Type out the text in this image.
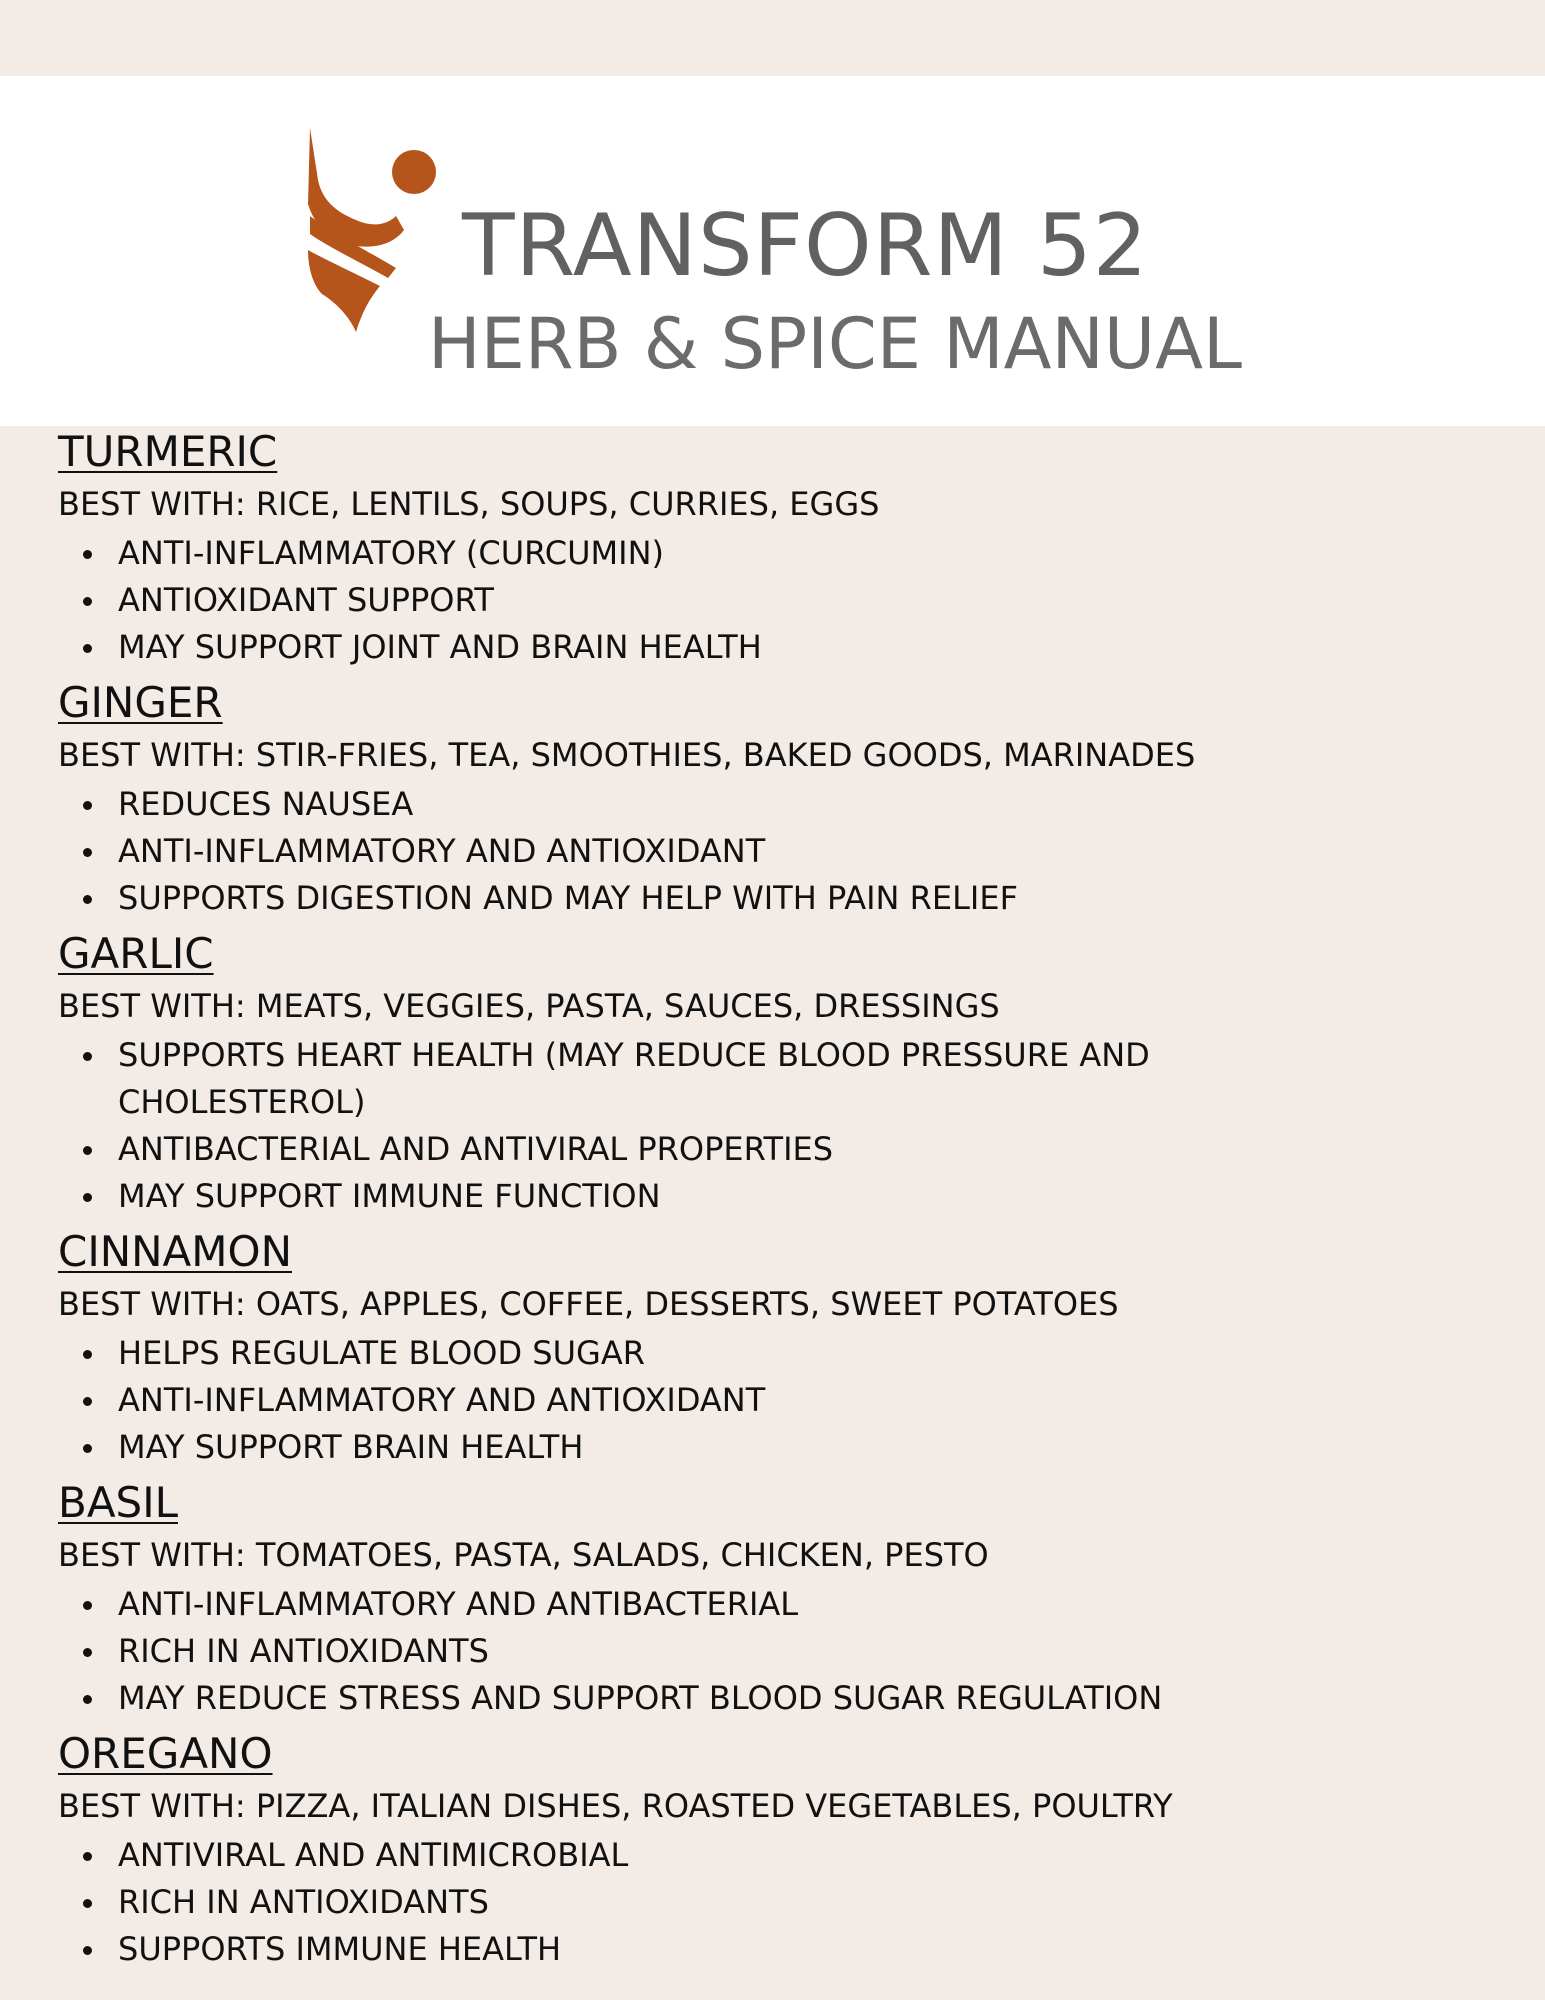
TRANSFORM 52
HERB & SPICE MANUAL
TURMERIC
BEST WITH: RICE, LENTILS, SOUPS, CURRIES, EGGS
ANTI-INFLAMMATORY (CURCUMIN)
ANTIOXIDANT SUPPORT
MAY SUPPORT JOINT AND BRAIN HEALTH
GINGER
BEST WITH: STIR-FRIES, TEA, SMOOTHIES, BAKED GOODS, MARINADES
REDUCES NAUSEA
ANTI-INFLAMMATORY AND ANTIOXIDANT
SUPPORTS DIGESTION AND MAY HELP WITH PAIN RELIEF
GARLIC
BEST WITH: MEATS, VEGGIES, PASTA, SAUCES, DRESSINGS
SUPPORTS HEART HEALTH (MAY REDUCE BLOOD PRESSURE AND CHOLESTEROL)
ANTIBACTERIAL AND ANTIVIRAL PROPERTIES
MAY SUPPORT IMMUNE FUNCTION
CINNAMON
BEST WITH: OATS, APPLES, COFFEE, DESSERTS, SWEET POTATOES
HELPS REGULATE BLOOD SUGAR
ANTI-INFLAMMATORY AND ANTIOXIDANT
MAY SUPPORT BRAIN HEALTH
BASIL
BEST WITH: TOMATOES, PASTA, SALADS, CHICKEN, PESTO
ANTI-INFLAMMATORY AND ANTIBACTERIAL
RICH IN ANTIOXIDANTS
MAY REDUCE STRESS AND SUPPORT BLOOD SUGAR REGULATION
OREGANO
BEST WITH: PIZZA, ITALIAN DISHES, ROASTED VEGETABLES, POULTRY
ANTIVIRAL AND ANTIMICROBIAL
RICH IN ANTIOXIDANTS
SUPPORTS IMMUNE HEALTH
